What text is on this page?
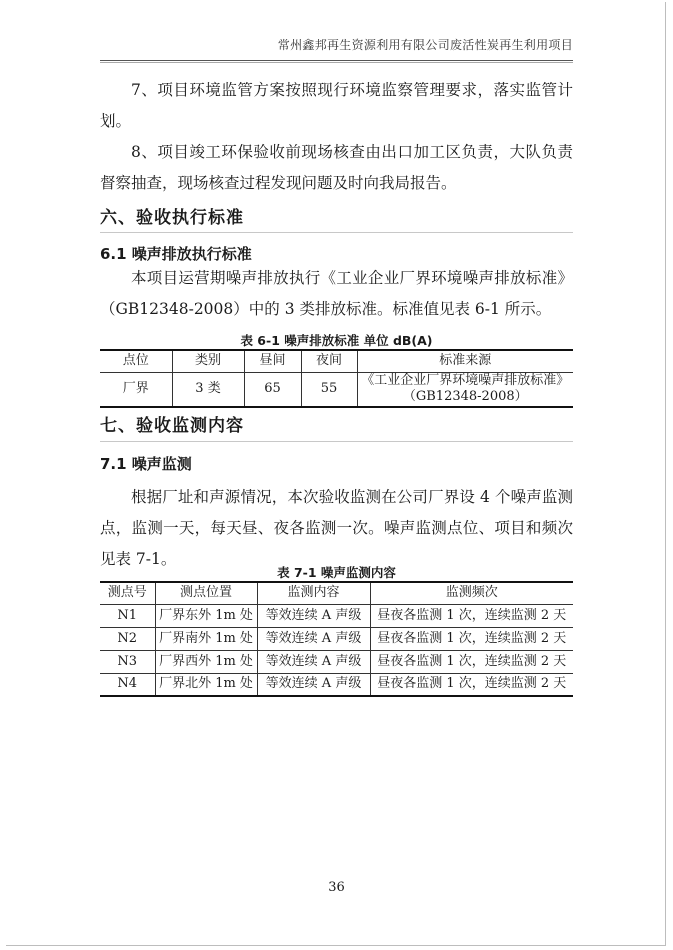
常州鑫邦再生资源利用有限公司废活性炭再生利用项目

7、项目环境监管方案按照现行环境监察管理要求，落实监管计划。

8、项目竣工环保验收前现场核查由出口加工区负责，大队负责督察抽查，现场核查过程发现问题及时向我局报告。

六、验收执行标准
6.1 噪声排放执行标准

本项目运营期噪声排放执行《工业企业厂界环境噪声排放标准》（GB12348-2008）中的 3 类排放标准。标准值见表 6-1 所示。

表 6-1 噪声排放标准 单位 dB(A)

点位	类别	昼间	夜间	标准来源
厂界	3 类	65	55	《工业企业厂界环境噪声排放标准》（GB12348-2008）
七、验收监测内容
7.1 噪声监测

根据厂址和声源情况，本次验收监测在公司厂界设 4 个噪声监测点，监测一天，每天昼、夜各监测一次。噪声监测点位、项目和频次见表 7-1。

表 7-1 噪声监测内容

测点号	测点位置	监测内容	监测频次
N1	厂界东外 1m 处	等效连续 A 声级	昼夜各监测 1 次，连续监测 2 天
N2	厂界南外 1m 处	等效连续 A 声级	昼夜各监测 1 次，连续监测 2 天
N3	厂界西外 1m 处	等效连续 A 声级	昼夜各监测 1 次，连续监测 2 天
N4	厂界北外 1m 处	等效连续 A 声级	昼夜各监测 1 次，连续监测 2 天
36
